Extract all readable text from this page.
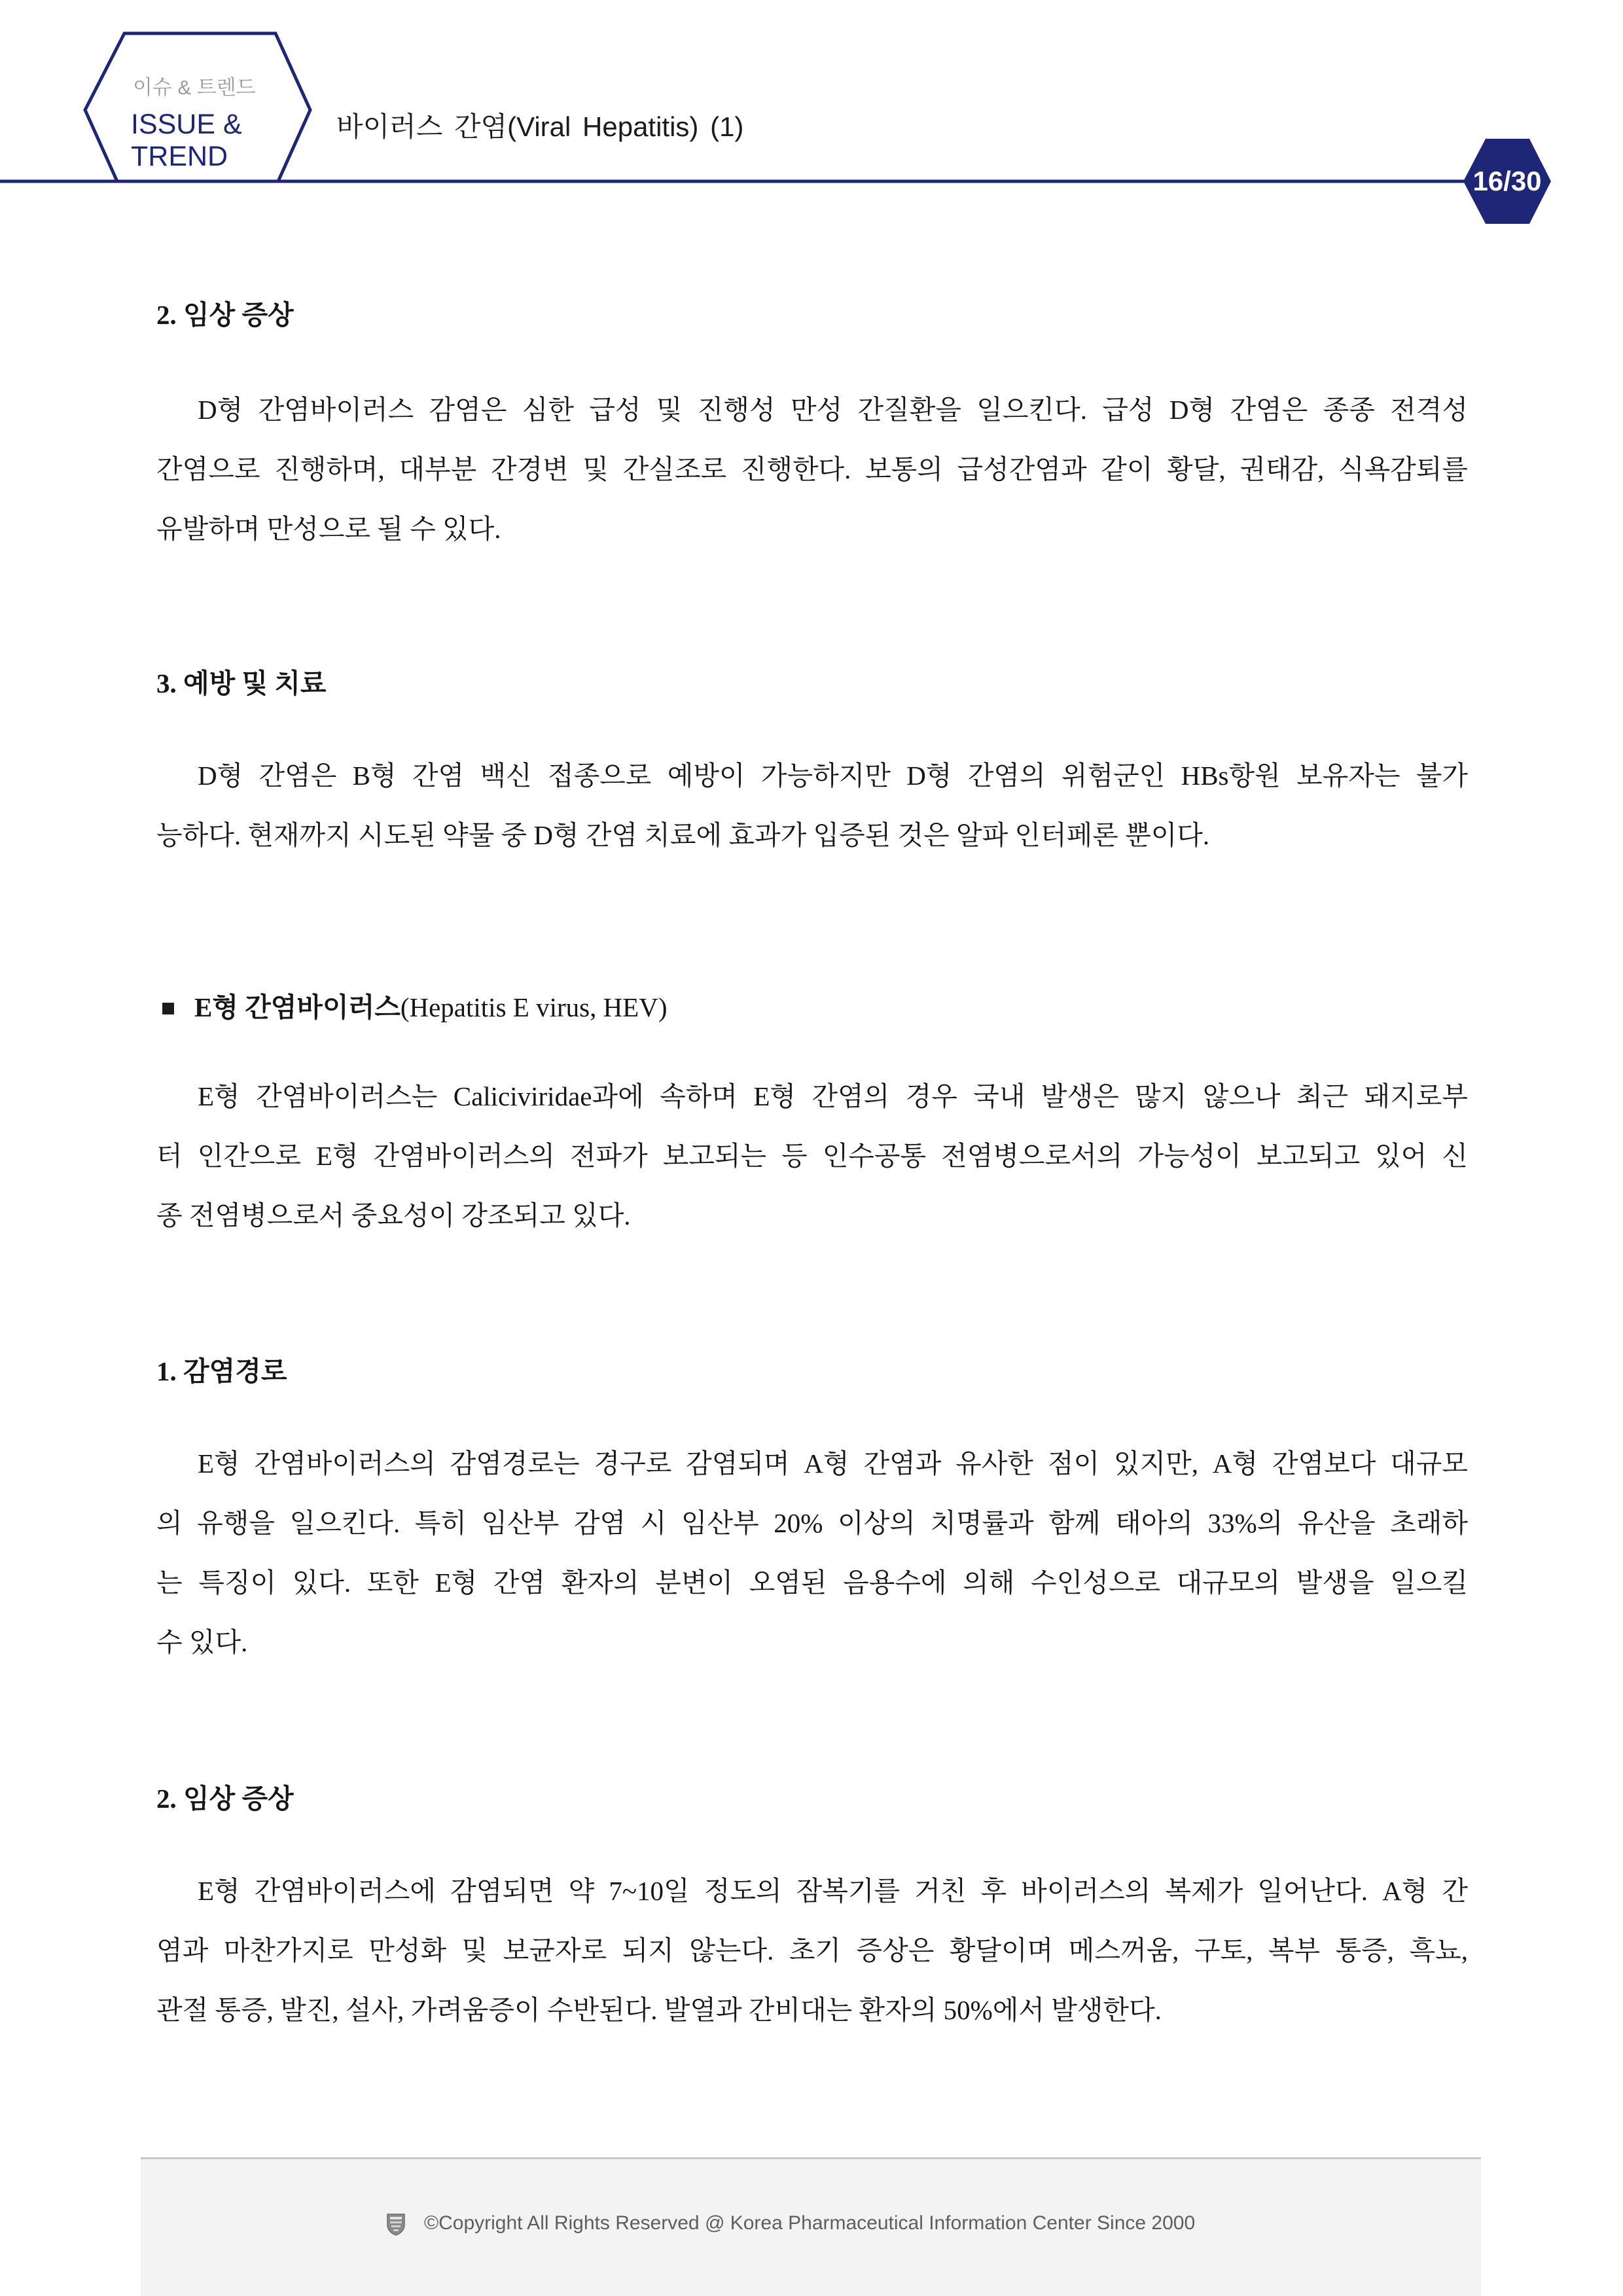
이슈 & 트렌드
ISSUE &
TREND
바이러스 간염(Viral Hepatitis) (1)
16/30
2. 임상 증상
D형 간염바이러스 감염은 심한 급성 및 진행성 만성 간질환을 일으킨다. 급성 D형 간염은 종종 전격성
간염으로 진행하며, 대부분 간경변 및 간실조로 진행한다. 보통의 급성간염과 같이 황달, 권태감, 식욕감퇴를
유발하며 만성으로 될 수 있다.
3. 예방 및 치료
D형 간염은 B형 간염 백신 접종으로 예방이 가능하지만 D형 간염의 위험군인 HBs항원 보유자는 불가
능하다. 현재까지 시도된 약물 중 D형 간염 치료에 효과가 입증된 것은 알파 인터페론 뿐이다.
E형 간염바이러스(Hepatitis E virus, HEV)
E형 간염바이러스는 Caliciviridae과에 속하며 E형 간염의 경우 국내 발생은 많지 않으나 최근 돼지로부
터 인간으로 E형 간염바이러스의 전파가 보고되는 등 인수공통 전염병으로서의 가능성이 보고되고 있어 신
종 전염병으로서 중요성이 강조되고 있다.
1. 감염경로
E형 간염바이러스의 감염경로는 경구로 감염되며 A형 간염과 유사한 점이 있지만, A형 간염보다 대규모
의 유행을 일으킨다. 특히 임산부 감염 시 임산부 20% 이상의 치명률과 함께 태아의 33%의 유산을 초래하
는 특징이 있다. 또한 E형 간염 환자의 분변이 오염된 음용수에 의해 수인성으로 대규모의 발생을 일으킬
수 있다.
2. 임상 증상
E형 간염바이러스에 감염되면 약 7~10일 정도의 잠복기를 거친 후 바이러스의 복제가 일어난다. A형 간
염과 마찬가지로 만성화 및 보균자로 되지 않는다. 초기 증상은 황달이며 메스꺼움, 구토, 복부 통증, 흑뇨,
관절 통증, 발진, 설사, 가려움증이 수반된다. 발열과 간비대는 환자의 50%에서 발생한다.
©Copyright All Rights Reserved @ Korea Pharmaceutical Information Center Since 2000
